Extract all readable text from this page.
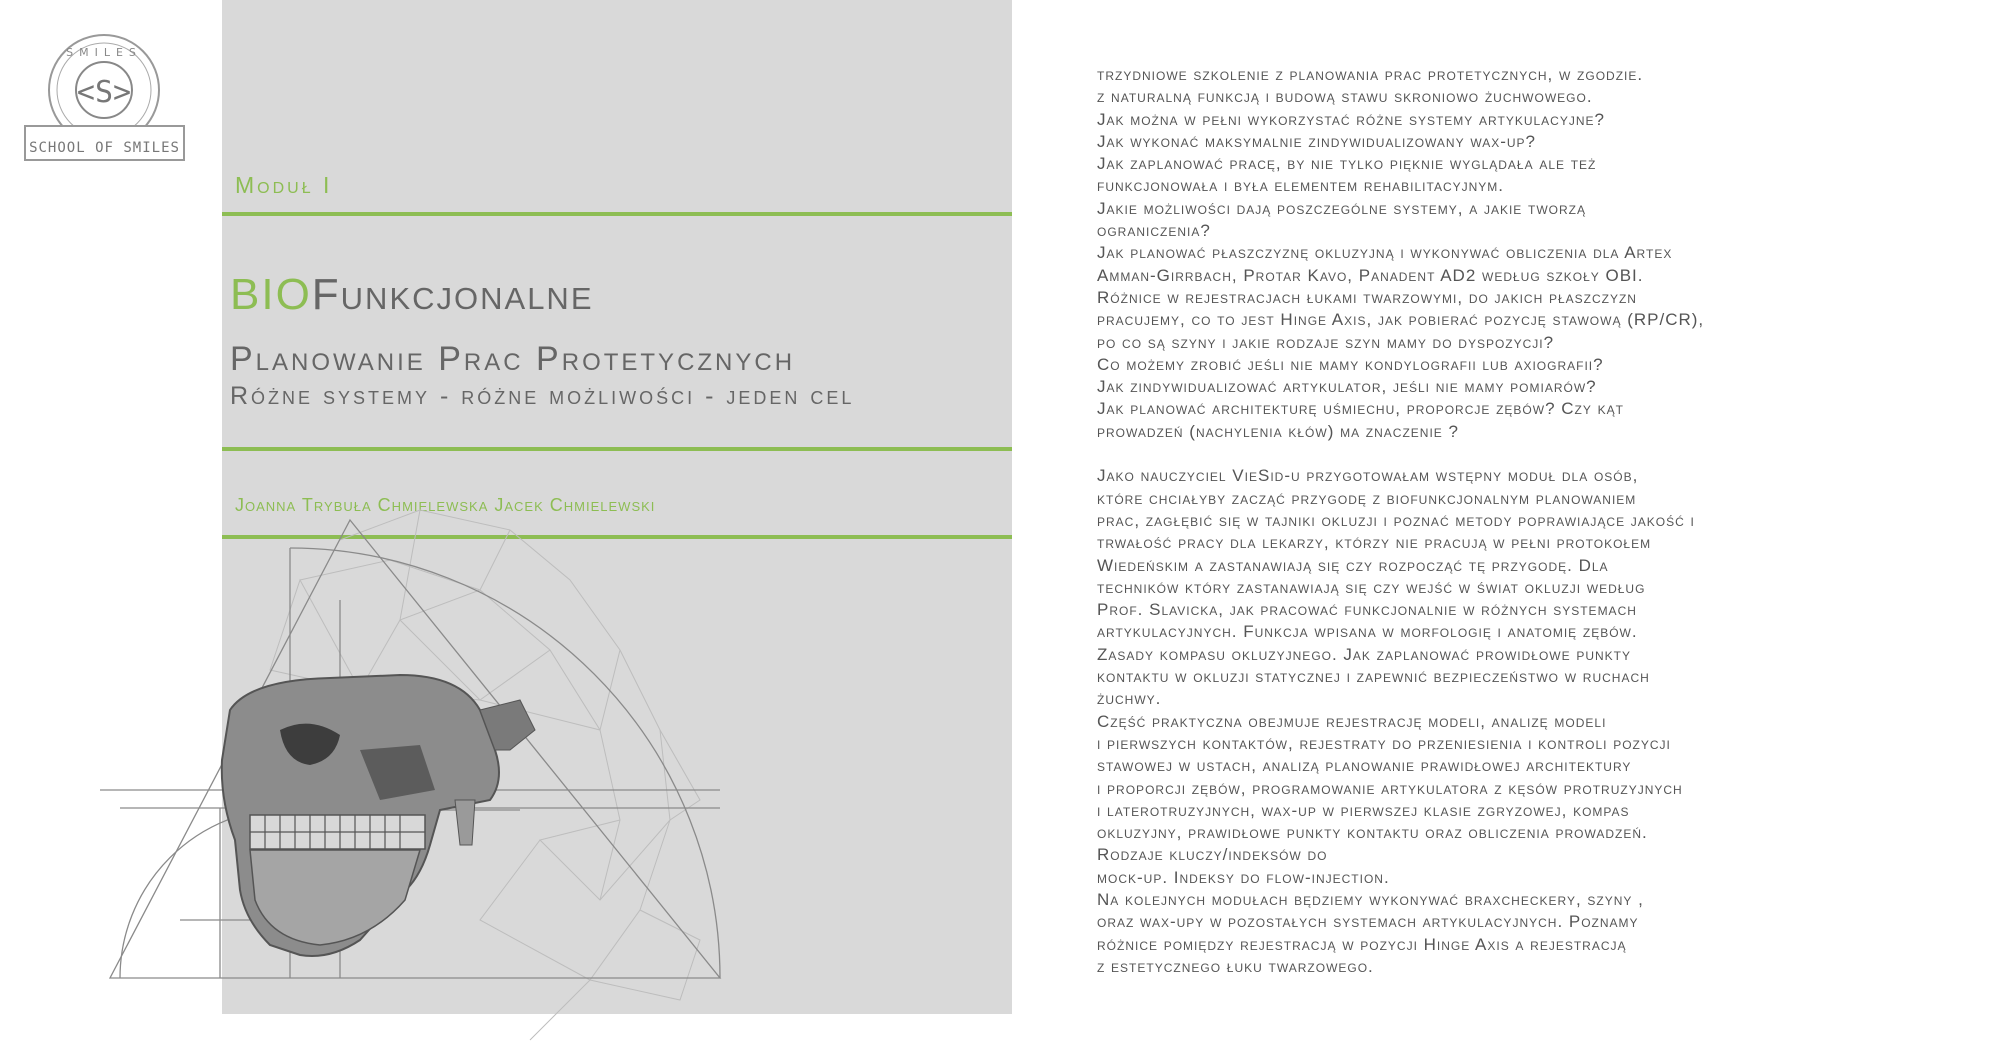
SMILES
<S>
SCHOOL OF SMILES
Moduł I
BIOFunkcjonalne
Planowanie Prac Protetycznych
Różne systemy - różne możliwości - jeden cel
Joanna Trybuła Chmielewska Jacek Chmielewski
trzydniowe szkolenie z planowania prac protetycznych, w zgodzie.
z naturalną funkcją i budową stawu skroniowo żuchwowego.
Jak można w pełni wykorzystać różne systemy artykulacyjne?
Jak wykonać maksymalnie zindywidualizowany wax-up?
Jak zaplanować pracę, by nie tylko pięknie wyglądała ale też
funkcjonowała i była elementem rehabilitacyjnym.
Jakie możliwości dają poszczególne systemy, a jakie tworzą
ograniczenia?
Jak planować płaszczyznę okluzyjną i wykonywać obliczenia dla Artex
Amman-Girrbach, Protar Kavo, Panadent AD2 według szkoły OBI.
Różnice w rejestracjach łukami twarzowymi, do jakich płaszczyzn
pracujemy, co to jest Hinge Axis, jak pobierać pozycję stawową (RP/CR),
po co są szyny i jakie rodzaje szyn mamy do dyspozycji?
Co możemy zrobić jeśli nie mamy kondylografii lub axiografii?
Jak zindywidualizować artykulator, jeśli nie mamy pomiarów?
Jak planować architekturę uśmiechu, proporcje zębów? Czy kąt
prowadzeń (nachylenia kłów) ma znaczenie ?
Jako nauczyciel VieSid-u przygotowałam wstępny moduł dla osób,
które chciałyby zacząć przygodę z biofunkcjonalnym planowaniem
prac, zagłębić się w tajniki okluzji i poznać metody poprawiające jakość i
trwałość pracy dla lekarzy, którzy nie pracują w pełni protokołem
Wiedeńskim a zastanawiają się czy rozpocząć tę przygodę. Dla
techników który zastanawiają się czy wejść w świat okluzji według
Prof. Slavicka, jak pracować funkcjonalnie w różnych systemach
artykulacyjnych. Funkcja wpisana w morfologię i anatomię zębów.
Zasady kompasu okluzyjnego. Jak zaplanować prowidłowe punkty
kontaktu w okluzji statycznej i zapewnić bezpieczeństwo w ruchach
żuchwy.
Część praktyczna obejmuje rejestrację modeli, analizę modeli
i pierwszych kontaktów, rejestraty do przeniesienia i kontroli pozycji
stawowej w ustach, analizą planowanie prawidłowej architektury
i proporcji zębów, programowanie artykulatora z kęsów protruzyjnych
i laterotruzyjnych, wax-up w pierwszej klasie zgryzowej, kompas
okluzyjny, prawidłowe punkty kontaktu oraz obliczenia prowadzeń.
Rodzaje kluczy/indeksów do
mock-up. Indeksy do flow-injection.
Na kolejnych modułach będziemy wykonywać braxcheckery, szyny ,
oraz wax-upy w pozostałych systemach artykulacyjnych. Poznamy
różnice pomiędzy rejestracją w pozycji Hinge Axis a rejestracją
z estetycznego łuku twarzowego.
